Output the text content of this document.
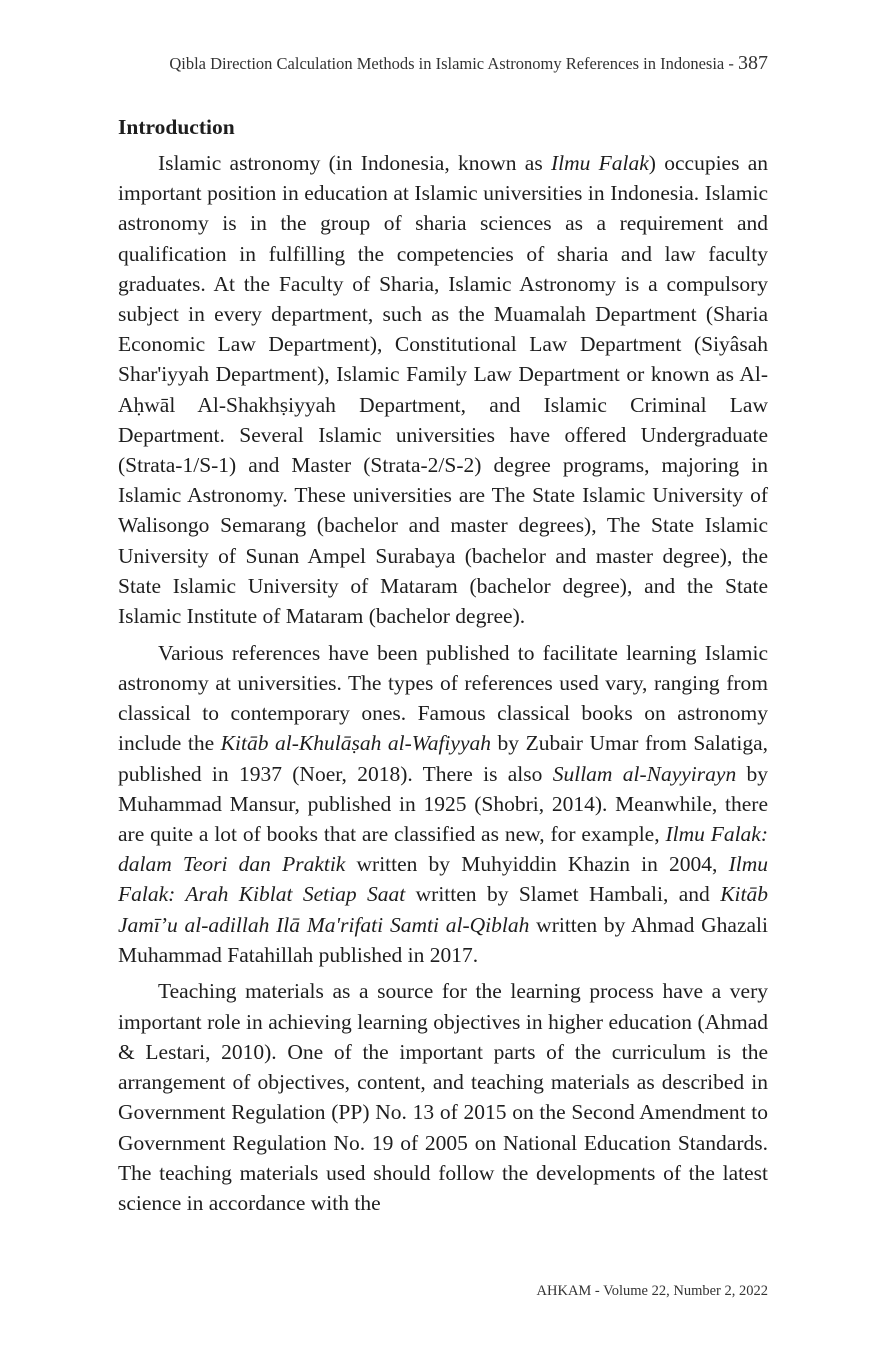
Qibla Direction Calculation Methods in Islamic Astronomy References in Indonesia - 387
Introduction

Islamic astronomy (in Indonesia, known as Ilmu Falak) occupies an important position in education at Islamic universities in Indonesia. Islamic astronomy is in the group of sharia sciences as a requirement and qualification in fulfilling the competencies of sharia and law faculty graduates. At the Faculty of Sharia, Islamic Astronomy is a compulsory subject in every department, such as the Muamalah Department (Sharia Economic Law Department), Constitutional Law Department (Siyâsah Shar'iyyah Department), Islamic Family Law Department or known as Al-Aḥwāl Al-Shakhṣiyyah Department, and Islamic Criminal Law Department. Several Islamic universities have offered Undergraduate (Strata-1/S-1) and Master (Strata-2/S-2) degree programs, majoring in Islamic Astronomy. These universities are The State Islamic University of Walisongo Semarang (bachelor and master degrees), The State Islamic University of Sunan Ampel Surabaya (bachelor and master degree), the State Islamic University of Mataram (bachelor degree), and the State Islamic Institute of Mataram (bachelor degree).

Various references have been published to facilitate learning Islamic astronomy at universities. The types of references used vary, ranging from classical to contemporary ones. Famous classical books on astronomy include the Kitāb al-Khulāṣah al-Wafiyyah by Zubair Umar from Salatiga, published in 1937 (Noer, 2018). There is also Sullam al-Nayyirayn by Muhammad Mansur, published in 1925 (Shobri, 2014). Meanwhile, there are quite a lot of books that are classified as new, for example, Ilmu Falak: dalam Teori dan Praktik written by Muhyiddin Khazin in 2004, Ilmu Falak: Arah Kiblat Setiap Saat written by Slamet Hambali, and Kitāb Jamī’u al-adillah Ilā Ma'rifati Samti al-Qiblah written by Ahmad Ghazali Muhammad Fatahillah published in 2017.

Teaching materials as a source for the learning process have a very important role in achieving learning objectives in higher education (Ahmad & Lestari, 2010). One of the important parts of the curriculum is the arrangement of objectives, content, and teaching materials as described in Government Regulation (PP) No. 13 of 2015 on the Second Amendment to Government Regulation No. 19 of 2005 on National Education Standards. The teaching materials used should follow the developments of the latest science in accordance with the

AHKAM - Volume 22, Number 2, 2022
